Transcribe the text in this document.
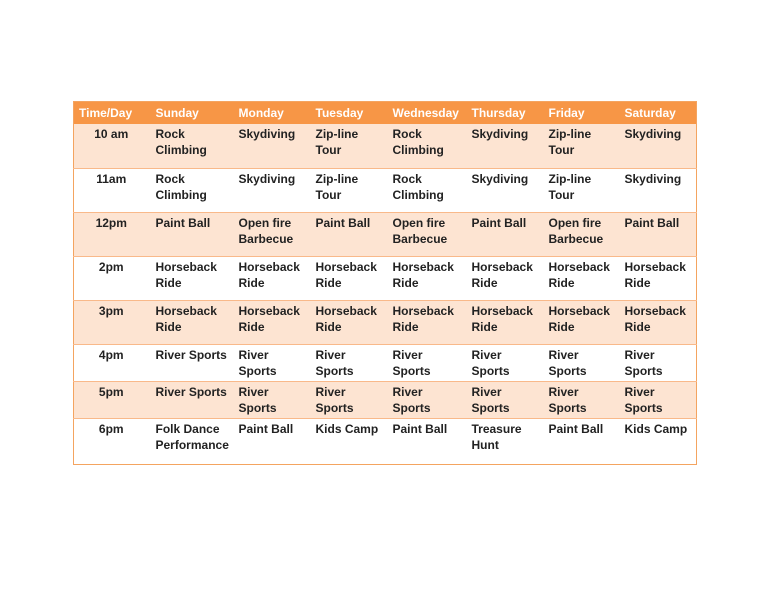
Time/Day	Sunday	Monday	Tuesday	Wednesday	Thursday	Friday	Saturday
10 am	Rock Climbing	Skydiving	Zip-line Tour	Rock Climbing	Skydiving	Zip-line Tour	Skydiving
11am	Rock Climbing	Skydiving	Zip-line Tour	Rock Climbing	Skydiving	Zip-line Tour	Skydiving
12pm	Paint Ball	Open fire Barbecue	Paint Ball	Open fire Barbecue	Paint Ball	Open fire Barbecue	Paint Ball
2pm	Horseback Ride	Horseback Ride	Horseback Ride	Horseback Ride	Horseback Ride	Horseback Ride	Horseback Ride
3pm	Horseback Ride	Horseback Ride	Horseback Ride	Horseback Ride	Horseback Ride	Horseback Ride	Horseback Ride
4pm	River Sports	River Sports	River Sports	River Sports	River Sports	River Sports	River Sports
5pm	River Sports	River Sports	River Sports	River Sports	River Sports	River Sports	River Sports
6pm	Folk Dance Performance	Paint Ball	Kids Camp	Paint Ball	Treasure Hunt	Paint Ball	Kids Camp
